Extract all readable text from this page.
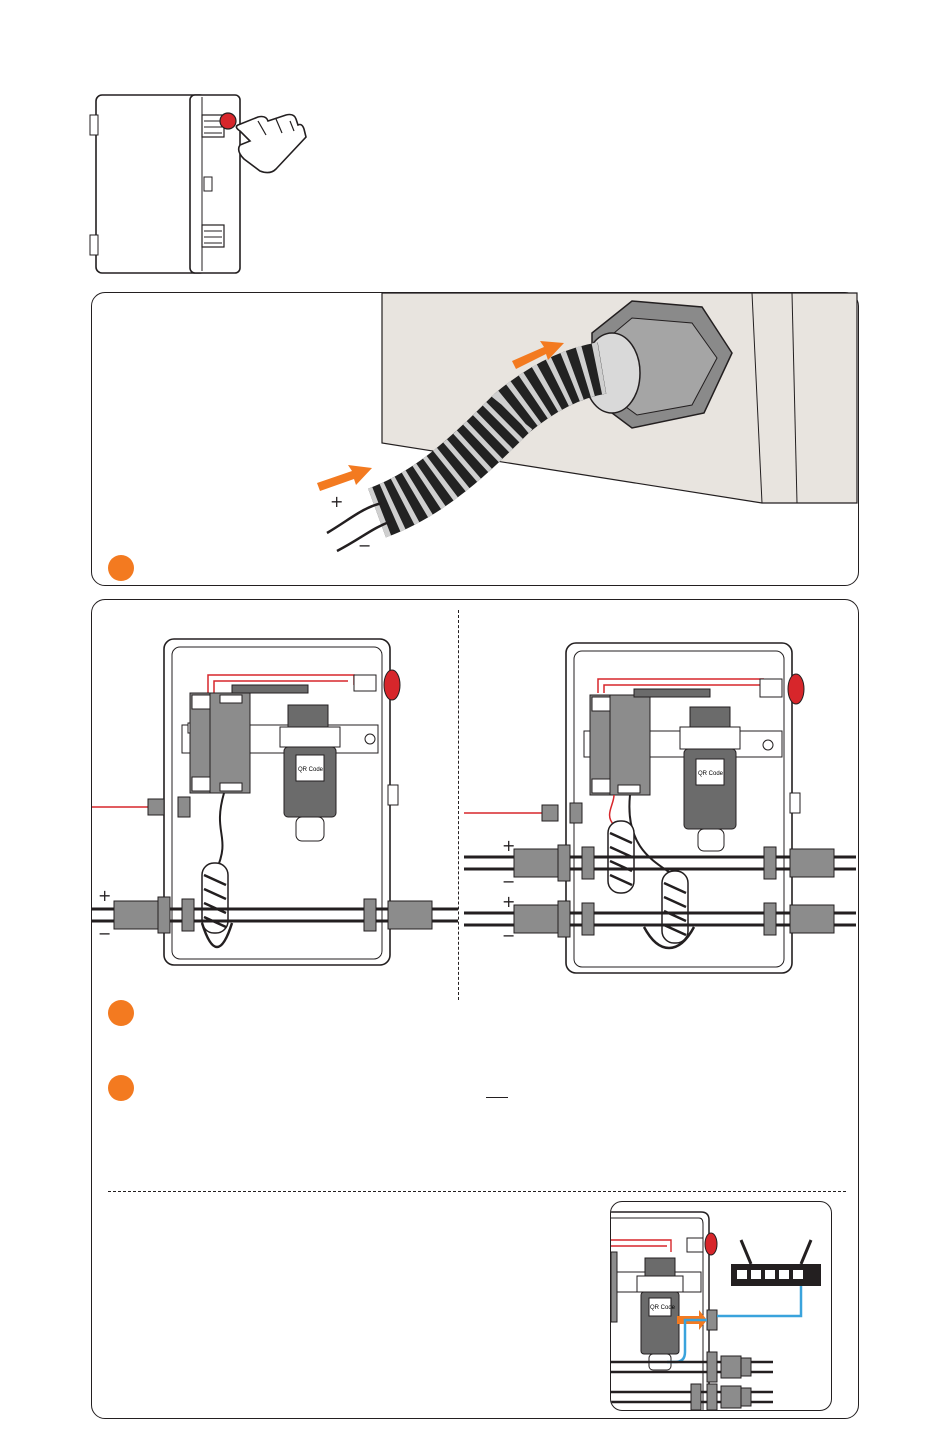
+
−
QR Code
+
−
QR Code
+
−
+
−
QR Code
